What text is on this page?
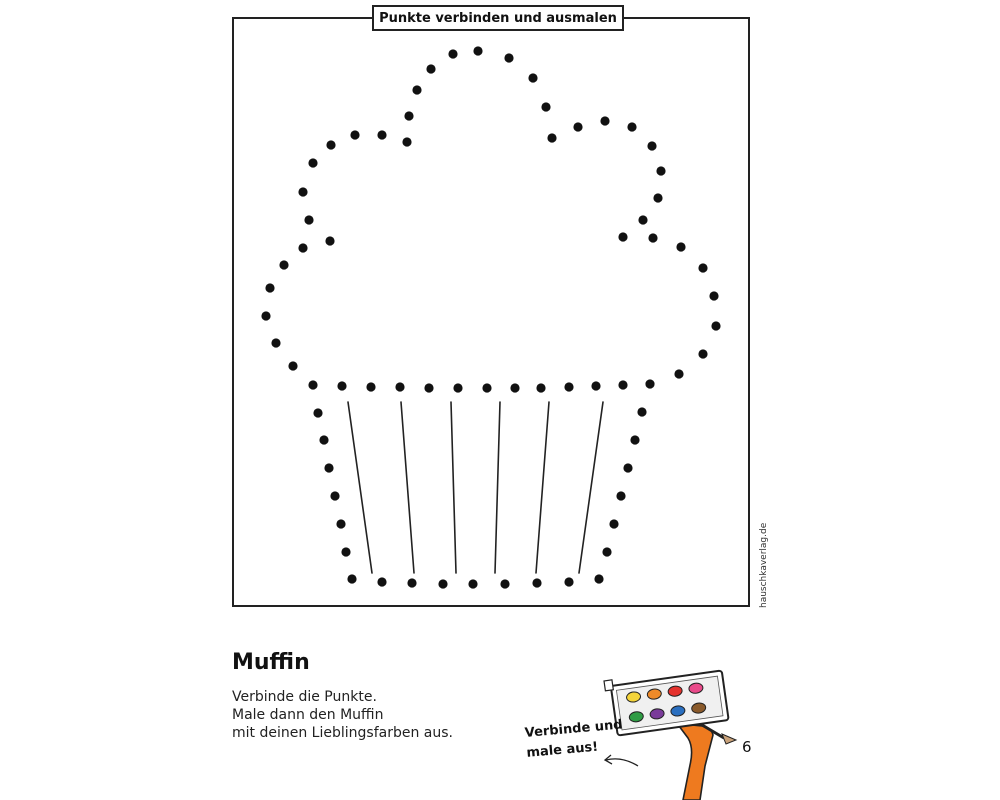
Punkte verbinden und ausmalen
hauschkaverlag.de
Muffin
Verbinde die Punkte.
Male dann den Muffin
mit deinen Lieblingsfarben aus.	Verbinde und
male aus!	6
